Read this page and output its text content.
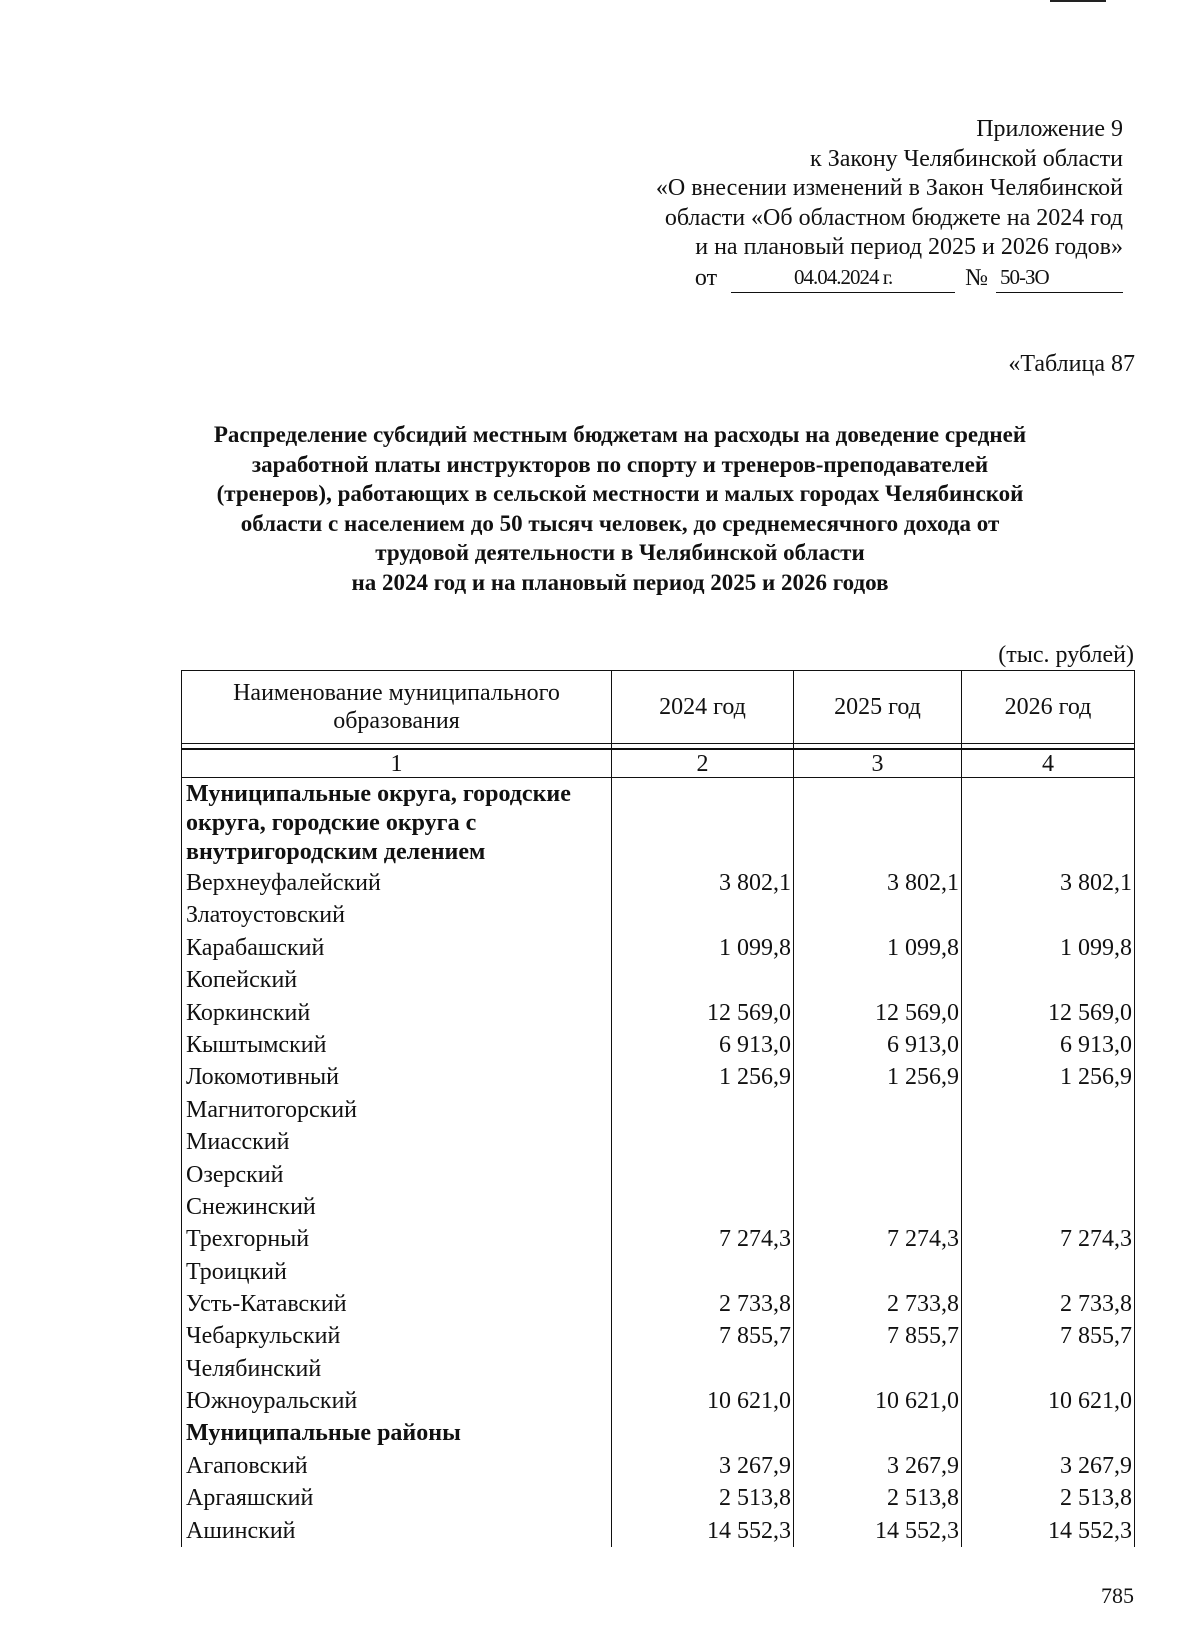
Приложение 9
к Закону Челябинской области
«О внесении изменений в Закон Челябинской
области «Об областном бюджете на 2024 год
и на плановый период 2025 и 2026 годов»
от	04.04.2024 г.	№ 50-ЗО
«Таблица 87
Распределение субсидий местным бюджетам на расходы на доведение средней
заработной платы инструкторов по спорту и тренеров-преподавателей
(тренеров), работающих в сельской местности и малых городах Челябинской
области с населением до 50 тысяч человек, до среднемесячного дохода от
трудовой деятельности в Челябинской области
на 2024 год и на плановый период 2025 и 2026 годов
(тыс. рублей)
Наименование муниципального образования	2024 год	2025 год	2026 год

1	2	3	4
Муниципальные округа, городские округа, городские округа с внутригородским делением			
Верхнеуфалейский	3 802,1	3 802,1	3 802,1
Златоустовский			
Карабашский	1 099,8	1 099,8	1 099,8
Копейский			
Коркинский	12 569,0	12 569,0	12 569,0
Кыштымский	6 913,0	6 913,0	6 913,0
Локомотивный	1 256,9	1 256,9	1 256,9
Магнитогорский			
Миасский			
Озерский			
Снежинский			
Трехгорный	7 274,3	7 274,3	7 274,3
Троицкий			
Усть-Катавский	2 733,8	2 733,8	2 733,8
Чебаркульский	7 855,7	7 855,7	7 855,7
Челябинский			
Южноуральский	10 621,0	10 621,0	10 621,0
Муниципальные районы			
Агаповский	3 267,9	3 267,9	3 267,9
Аргаяшский	2 513,8	2 513,8	2 513,8
Ашинский	14 552,3	14 552,3	14 552,3
785
